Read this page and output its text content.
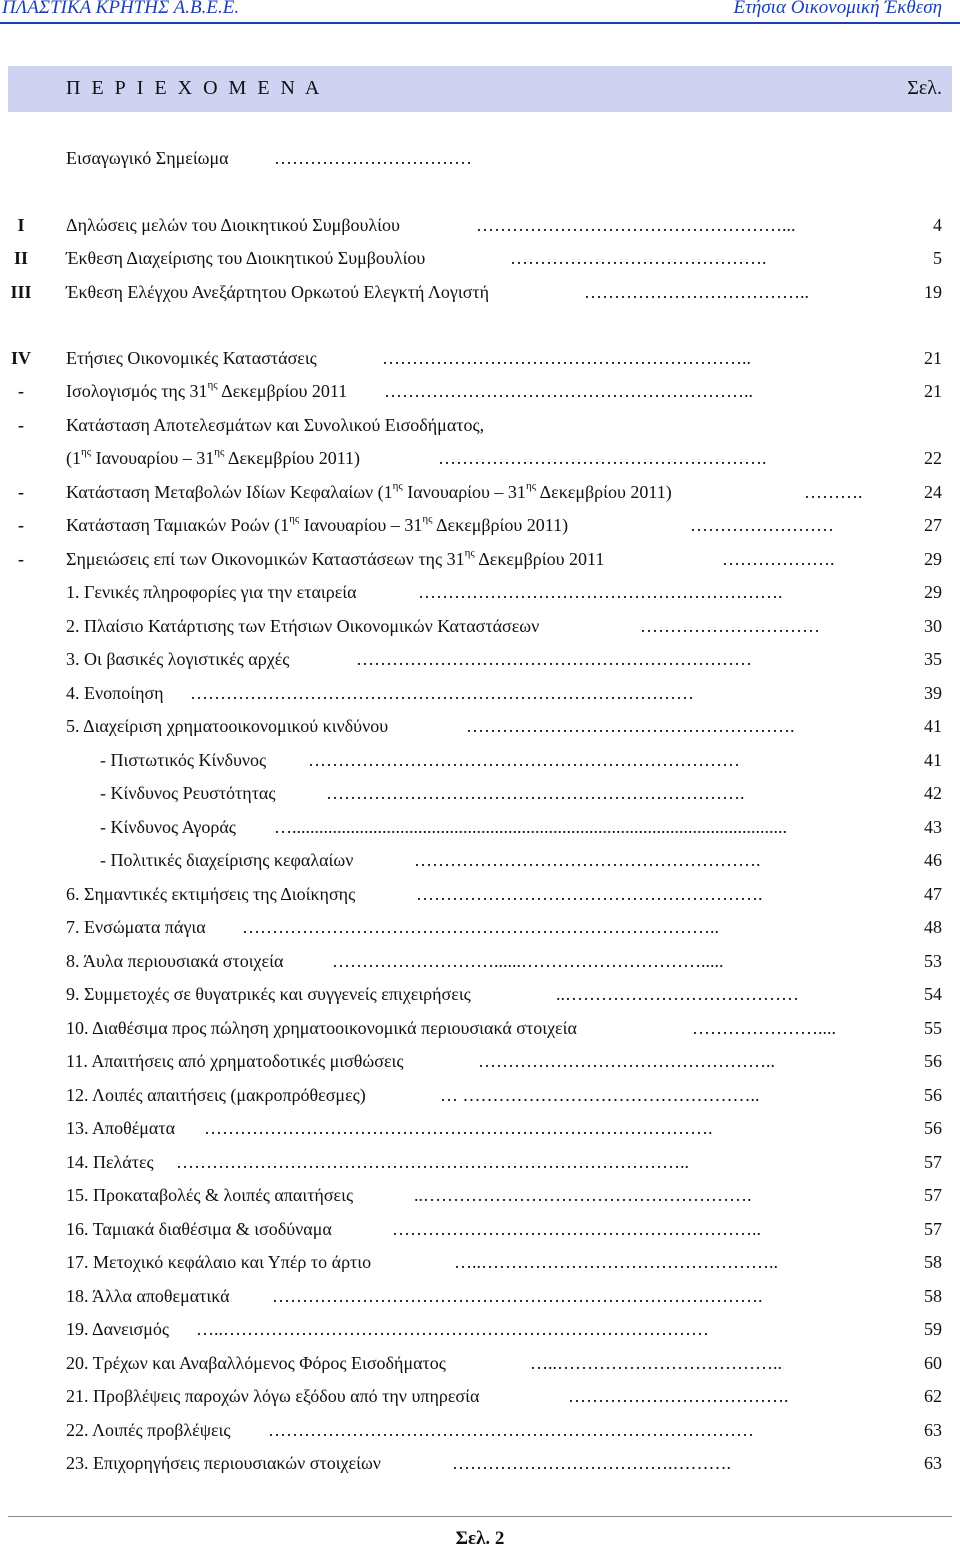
ΠΛΑΣΤΙΚΑ ΚΡΗΤΗΣ Α.Β.Ε.Ε.	Ετήσια Οικονομική Έκθεση
Π Ε Ρ Ι Ε Χ Ο Μ Ε Ν Α	Σελ.
Εισαγωγικό Σημείωμα	……………………………
I	Δηλώσεις μελών του Διοικητικού Συμβουλίου	……………………………………………...	4
II	Έκθεση Διαχείρισης του Διοικητικού Συμβουλίου	…………………………………….	5
III	Έκθεση Ελέγχου Ανεξάρτητου Ορκωτού Ελεγκτή Λογιστή	………………………………..	19
IV	Ετήσιες Οικονομικές Καταστάσεις	……………………………………………………..	21
-	Ισολογισμός της $31^{\eta\varsigma}$ Δεκεμβρίου 2011 ……………………………………………………..	21
-	Κατάσταση Αποτελεσμάτων και Συνολικού Εισοδήματος,
($1^{\eta\varsigma}$ Ιανουαρίου – $31^{\eta\varsigma}$ Δεκεμβρίου 2011)	……………………………………………….	22
-	Κατάσταση Μεταβολών Ιδίων Κεφαλαίων ($1^{\eta\varsigma}$ Ιανουαρίου – $31^{\eta\varsigma}$ Δεκεμβρίου 2011)	……….	24
-	Κατάσταση Ταμιακών Ροών ($1^{\eta\varsigma}$ Ιανουαρίου – $31^{\eta\varsigma}$ Δεκεμβρίου 2011)	……………………	27
-	Σημειώσεις επί των Οικονομικών Καταστάσεων της $31^{\eta\varsigma}$ Δεκεμβρίου 2011	……………….	29
1. Γενικές πληροφορίες για την εταιρεία	…………………………………………………….	29
2. Πλαίσιο Κατάρτισης των Ετήσιων Οικονομικών Καταστάσεων	…………………………	30
3. Οι βασικές λογιστικές αρχές	…………………………………………………………	35
4. Ενοποίηση …………………………………………………………………………	39
5. Διαχείριση χρηματοοικονομικού κινδύνου	……………………………………………….	41
- Πιστωτικός Κίνδυνος ………………………………………………………………	41
- Κίνδυνος Ρευστότητας	…………………………………………………………….	42
- Κίνδυνος Αγοράς …..............................................................................................................	43
- Πολιτικές διαχείρισης κεφαλαίων	………………………………………………….	46
6. Σημαντικές εκτιμήσεις της Διοίκησης	………………………………………………….	47
7. Ενσώματα πάγια ……………………………………………………………………..	48
8. Άυλα περιουσιακά στοιχεία	………………………......………………………….....	53
9. Συμμετοχές σε θυγατρικές και συγγενείς επιχειρήσεις	..…………………………………	54
10. Διαθέσιμα προς πώληση χρηματοοικονομικά περιουσιακά στοιχεία	…………………....	55
11. Απαιτήσεις από χρηματοδοτικές μισθώσεις	…………………………………………..	56
12. Λοιπές απαιτήσεις (μακροπρόθεσμες)	… …………………………………………..	56
13. Αποθέματα ………………………………………………………………………….	56
14. Πελάτες …………………………………………………………………………..	57
15. Προκαταβολές & λοιπές απαιτήσεις	..……………………………………………….	57
16. Ταμιακά διαθέσιμα & ισοδύναμα	……………………………………………………..	57
17. Μετοχικό κεφάλαιο και Υπέρ το άρτιο	…..…………………………………………..	58
18. Άλλα αποθεματικά ……………………………………………………………………….	58
19. Δανεισμός …..………………………………………………………………………	59
20. Τρέχων και Αναβαλλόμενος Φόρος Εισοδήματος	…..………………………………..	60
21. Προβλέψεις παροχών λόγω εξόδου από την υπηρεσία	……………………………….	62
22. Λοιπές προβλέψεις ………………………………………………………………………	63
23. Επιχορηγήσεις περιουσιακών στοιχείων	……………………………….……….	63
Σελ. 2
